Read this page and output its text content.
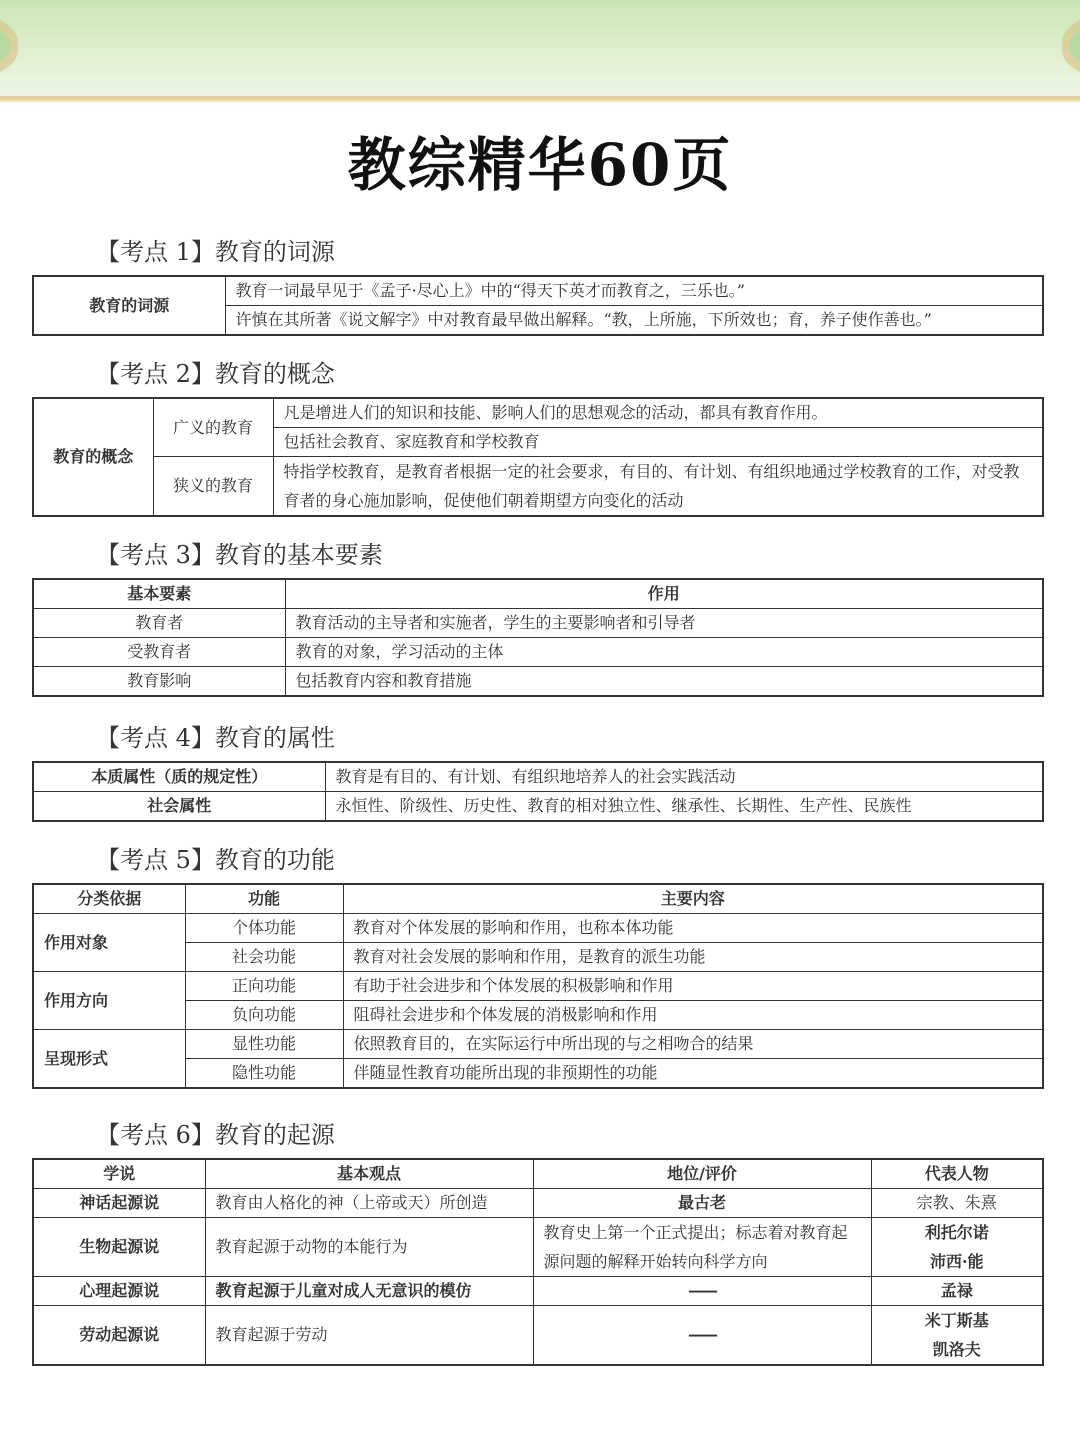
教综精华60页
【考点 1】教育的词源
教育的词源	教育一词最早见于《孟子·尽心上》中的“得天下英才而教育之，三乐也。”
许慎在其所著《说文解字》中对教育最早做出解释。“教，上所施，下所效也；育，养子使作善也。”
【考点 2】教育的概念
教育的概念	广义的教育	凡是增进人们的知识和技能、影响人们的思想观念的活动，都具有教育作用。
		包括社会教育、家庭教育和学校教育
	狭义的教育	特指学校教育，是教育者根据一定的社会要求，有目的、有计划、有组织地通过学校教育的工作，对受教育者的身心施加影响，促使他们朝着期望方向变化的活动

【考点 3】教育的基本要素
基本要素	作用
教育者	教育活动的主导者和实施者，学生的主要影响者和引导者
受教育者	教育的对象，学习活动的主体
教育影响	包括教育内容和教育措施
【考点 4】教育的属性
本质属性（质的规定性）	教育是有目的、有计划、有组织地培养人的社会实践活动
社会属性	永恒性、阶级性、历史性、教育的相对独立性、继承性、长期性、生产性、民族性
【考点 5】教育的功能
分类依据	功能	主要内容
作用对象	个体功能	教育对个体发展的影响和作用，也称本体功能
	社会功能	教育对社会发展的影响和作用，是教育的派生功能
作用方向	正向功能	有助于社会进步和个体发展的积极影响和作用
	负向功能	阻碍社会进步和个体发展的消极影响和作用
呈现形式	显性功能	依照教育目的，在实际运行中所出现的与之相吻合的结果
	隐性功能	伴随显性教育功能所出现的非预期性的功能
【考点 6】教育的起源
学说	基本观点	地位/评价	代表人物
神话起源说	教育由人格化的神（上帝或天）所创造	最古老	宗教、朱熹
生物起源说	教育起源于动物的本能行为	教育史上第一个正式提出；标志着对教育起源问题的解释开始转向科学方向	利托尔诺
沛西·能

心理起源说	教育起源于儿童对成人无意识的模仿	——	孟禄
劳动起源说	教育起源于劳动	——	米丁斯基
凯洛夫
